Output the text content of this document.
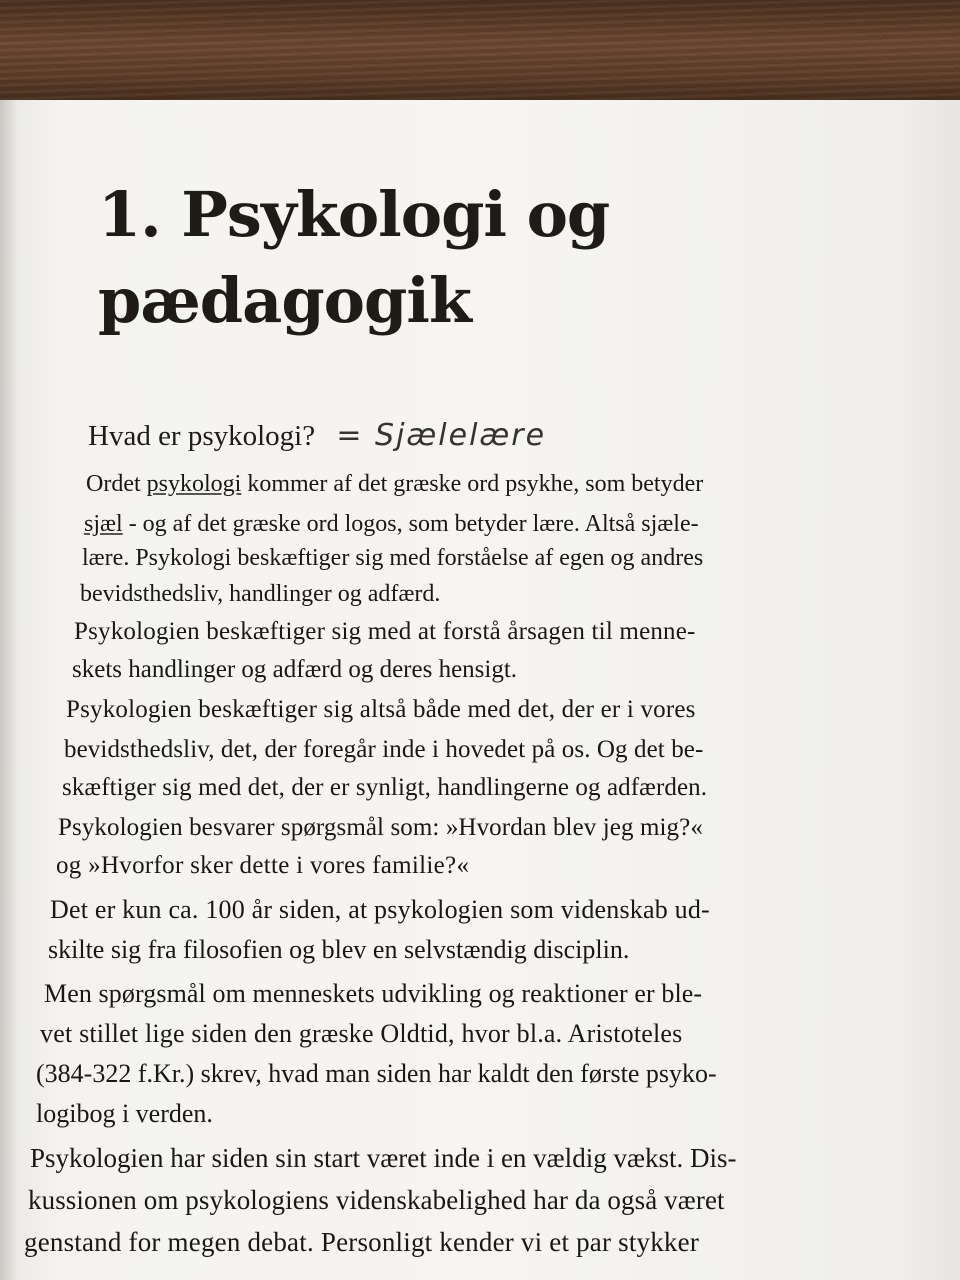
1. Psykologi og
pædagogik
Hvad er psykologi? = Sjælelære

Ordet psykologi kommer af det græske ord psykhe, som betyder

sjæl - og af det græske ord logos, som betyder lære. Altså sjæle-

lære. Psykologi beskæftiger sig med forståelse af egen og andres

bevidsthedsliv, handlinger og adfærd.

Psykologien beskæftiger sig med at forstå årsagen til menne-

skets handlinger og adfærd og deres hensigt.

Psykologien beskæftiger sig altså både med det, der er i vores

bevidsthedsliv, det, der foregår inde i hovedet på os. Og det be-

skæftiger sig med det, der er synligt, handlingerne og adfærden.

Psykologien besvarer spørgsmål som: »Hvordan blev jeg mig?«

og »Hvorfor sker dette i vores familie?«

Det er kun ca. 100 år siden, at psykologien som videnskab ud-

skilte sig fra filosofien og blev en selvstændig disciplin.

Men spørgsmål om menneskets udvikling og reaktioner er ble-

vet stillet lige siden den græske Oldtid, hvor bl.a. Aristoteles

(384-322 f.Kr.) skrev, hvad man siden har kaldt den første psyko-

logibog i verden.

Psykologien har siden sin start været inde i en vældig vækst. Dis-

kussionen om psykologiens videnskabelighed har da også været

genstand for megen debat. Personligt kender vi et par stykker
